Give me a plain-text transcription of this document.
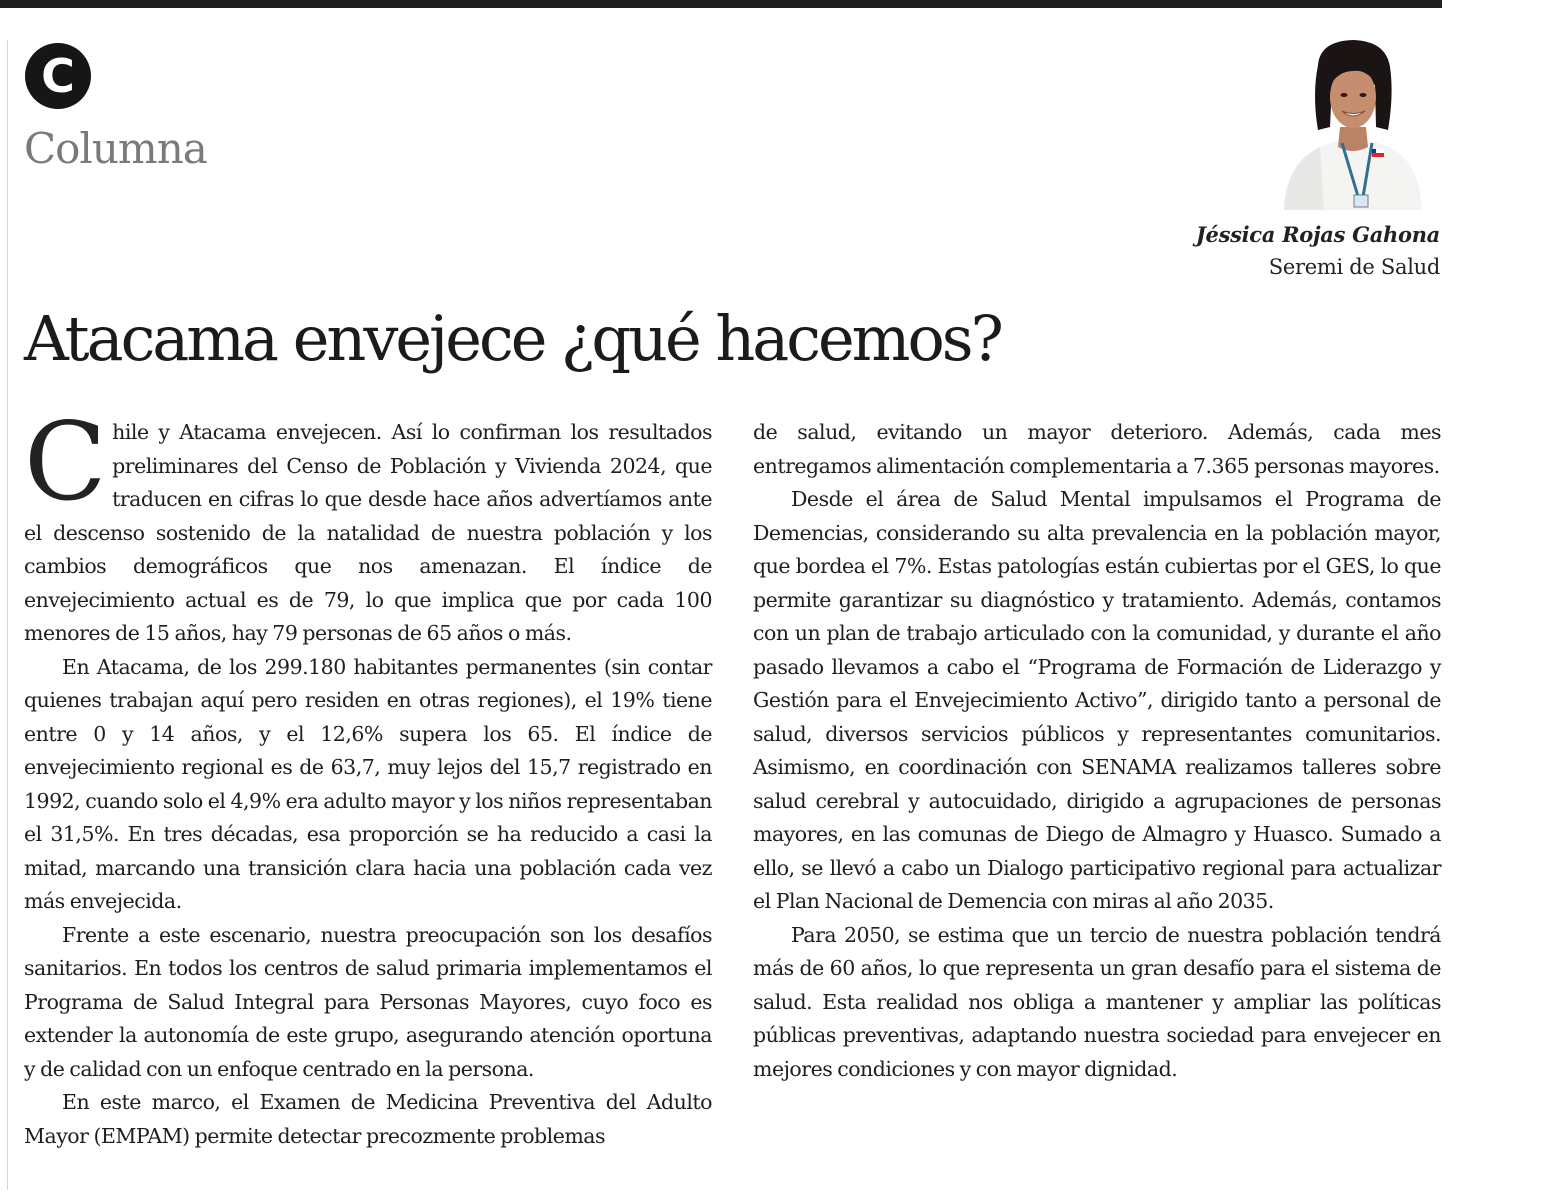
C
Columna
Jéssica Rojas Gahona
Seremi de Salud
Atacama envejece ¿qué hacemos?

Chile y Atacama envejecen. Así lo confirman los resultados preliminares del Censo de Población y Vivienda 2024, que traducen en cifras lo que desde hace años advertíamos ante el descenso sostenido de la natalidad de nuestra población y los cambios demográficos que nos amenazan. El índice de envejecimiento actual es de 79, lo que implica que por cada 100 menores de 15 años, hay 79 personas de 65 años o más.

En Atacama, de los 299.180 habitantes permanentes (sin contar quienes trabajan aquí pero residen en otras regiones), el 19% tiene entre 0 y 14 años, y el 12,6% supera los 65. El índice de envejecimiento regional es de 63,7, muy lejos del 15,7 registrado en 1992, cuando solo el 4,9% era adulto mayor y los niños representaban el 31,5%. En tres décadas, esa proporción se ha reducido a casi la mitad, marcando una transición clara hacia una población cada vez más envejecida.

Frente a este escenario, nuestra preocupación son los desafíos sanitarios. En todos los centros de salud primaria implementamos el Programa de Salud Integral para Personas Mayores, cuyo foco es extender la autonomía de este grupo, asegurando atención oportuna y de calidad con un enfoque centrado en la persona.

En este marco, el Examen de Medicina Preventiva del Adulto Mayor (EMPAM) permite detectar precozmente problemas

de salud, evitando un mayor deterioro. Además, cada mes entregamos alimentación complementaria a 7.365 personas mayores.

Desde el área de Salud Mental impulsamos el Programa de Demencias, considerando su alta prevalencia en la población mayor, que bordea el 7%. Estas patologías están cubiertas por el GES, lo que permite garantizar su diagnóstico y tratamiento. Además, contamos con un plan de trabajo articulado con la comunidad, y durante el año pasado llevamos a cabo el “Programa de Formación de Liderazgo y Gestión para el Envejecimiento Activo”, dirigido tanto a personal de salud, diversos servicios públicos y representantes comunitarios. Asimismo, en coordinación con SENAMA realizamos talleres sobre salud cerebral y autocuidado, dirigido a agrupaciones de personas mayores, en las comunas de Diego de Almagro y Huasco. Sumado a ello, se llevó a cabo un Dialogo participativo regional para actualizar el Plan Nacional de Demencia con miras al año 2035.

Para 2050, se estima que un tercio de nuestra población tendrá más de 60 años, lo que representa un gran desafío para el sistema de salud. Esta realidad nos obliga a mantener y ampliar las políticas públicas preventivas, adaptando nuestra sociedad para envejecer en mejores condiciones y con mayor dignidad.
